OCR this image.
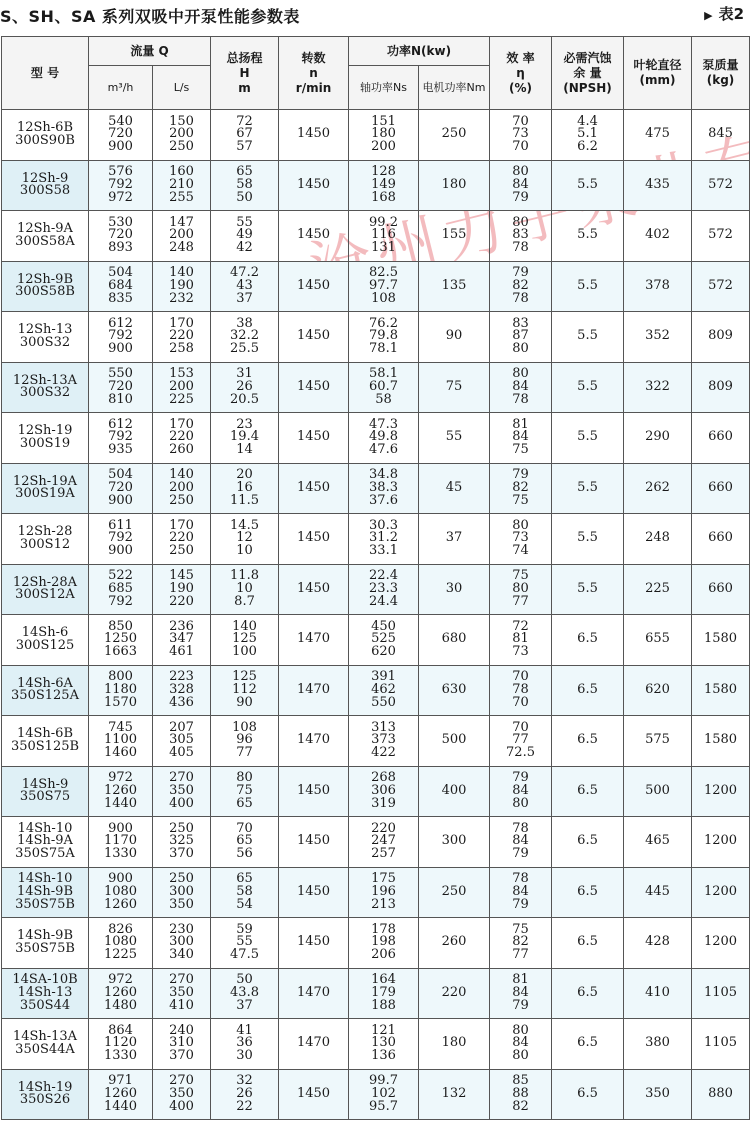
S、SH、SA 系列双吸中开泵性能参数表	▶ 表2
型 号	流量 Q		总扬程
H
m	转数
n
r/min	功率N(kw)		效 率
η
(%)	必需汽蚀
余 量
(NPSH)	叶轮直径
(mm)	泵质量
(kg)

	m³/h	L/s			轴功率Ns	电机功率Nm				

12Sh-6B
300S90B	540
720
900	150
200
250	72
67
57	1450	151
180
200	250	70
73
70	4.4
5.1
6.2	475	845

12Sh-9
300S58	576
792
972	160
210
255	65
58
50	1450	128
149
168	180	80
84
79	5.5	435	572

12Sh-9A
300S58A	530
720
893	147
200
248	55
49
42	1450	99.2
116
131	155	80
83
78	5.5	402	572

12Sh-9B
300S58B	504
684
835	140
190
232	47.2
43
37	1450	82.5
97.7
108	135	79
82
78	5.5	378	572

12Sh-13
300S32	612
792
900	170
220
258	38
32.2
25.5	1450	76.2
79.8
78.1	90	83
87
80	5.5	352	809

12Sh-13A
300S32	550
720
810	153
200
225	31
26
20.5	1450	58.1
60.7
58	75	80
84
78	5.5	322	809

12Sh-19
300S19	612
792
935	170
220
260	23
19.4
14	1450	47.3
49.8
47.6	55	81
84
75	5.5	290	660

12Sh-19A
300S19A	504
720
900	140
200
250	20
16
11.5	1450	34.8
38.3
37.6	45	79
82
75	5.5	262	660

12Sh-28
300S12	611
792
900	170
220
250	14.5
12
10	1450	30.3
31.2
33.1	37	80
73
74	5.5	248	660

12Sh-28A
300S12A	522
685
792	145
190
220	11.8
10
8.7	1450	22.4
23.3
24.4	30	75
80
77	5.5	225	660

14Sh-6
300S125	850
1250
1663	236
347
461	140
125
100	1470	450
525
620	680	72
81
73	6.5	655	1580

14Sh-6A
350S125A	800
1180
1570	223
328
436	125
112
90	1470	391
462
550	630	70
78
70	6.5	620	1580

14Sh-6B
350S125B	745
1100
1460	207
305
405	108
96
77	1470	313
373
422	500	70
77
72.5	6.5	575	1580

14Sh-9
350S75	972
1260
1440	270
350
400	80
75
65	1450	268
306
319	400	79
84
80	6.5	500	1200

14Sh-10
14Sh-9A
350S75A	900
1170
1330	250
325
370	70
65
56	1450	220
247
257	300	78
84
79	6.5	465	1200

14Sh-10
14Sh-9B
350S75B	900
1080
1260	250
300
350	65
58
54	1450	175
196
213	250	78
84
79	6.5	445	1200

14Sh-9B
350S75B	826
1080
1225	230
300
340	59
55
47.5	1450	178
198
206	260	75
82
77	6.5	428	1200

14SA-10B
14Sh-13
350S44	972
1260
1480	270
350
410	50
43.8
37	1470	164
179
188	220	81
84
79	6.5	410	1105

14Sh-13A
350S44A	864
1120
1330	240
310
370	41
36
30	1470	121
130
136	180	80
84
80	6.5	380	1105

14Sh-19
350S26	971
1260
1440	270
350
400	32
26
22	1450	99.7
102
95.7	132	85
88
82	6.5	350	880
